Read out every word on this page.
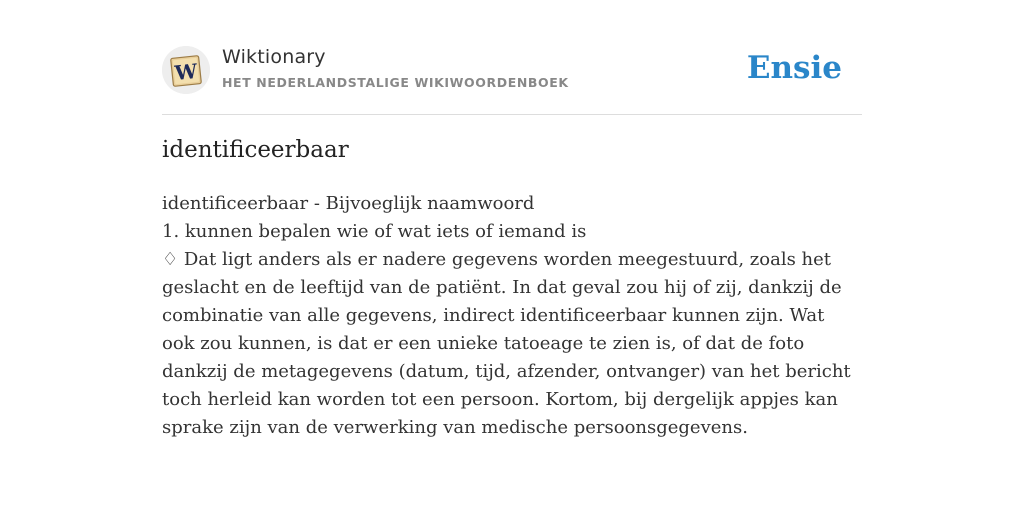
W
Wiktionary
HET NEDERLANDSTALIGE WIKIWOORDENBOEK	Ensie
identificeerbaar

identificeerbaar - Bijvoeglijk naamwoord

1. kunnen bepalen wie of wat iets of iemand is

♢ Dat ligt anders als er nadere gegevens worden meegestuurd, zoals het geslacht en de leeftijd van de patiënt. In dat geval zou hij of zij, dankzij de combinatie van alle gegevens, indirect identificeerbaar kunnen zijn. Wat ook zou kunnen, is dat er een unieke tatoeage te zien is, of dat de foto dankzij de metagegevens (datum, tijd, afzender, ontvanger) van het bericht toch herleid kan worden tot een persoon. Kortom, bij dergelijk appjes kan sprake zijn van de verwerking van medische persoonsgegevens.
